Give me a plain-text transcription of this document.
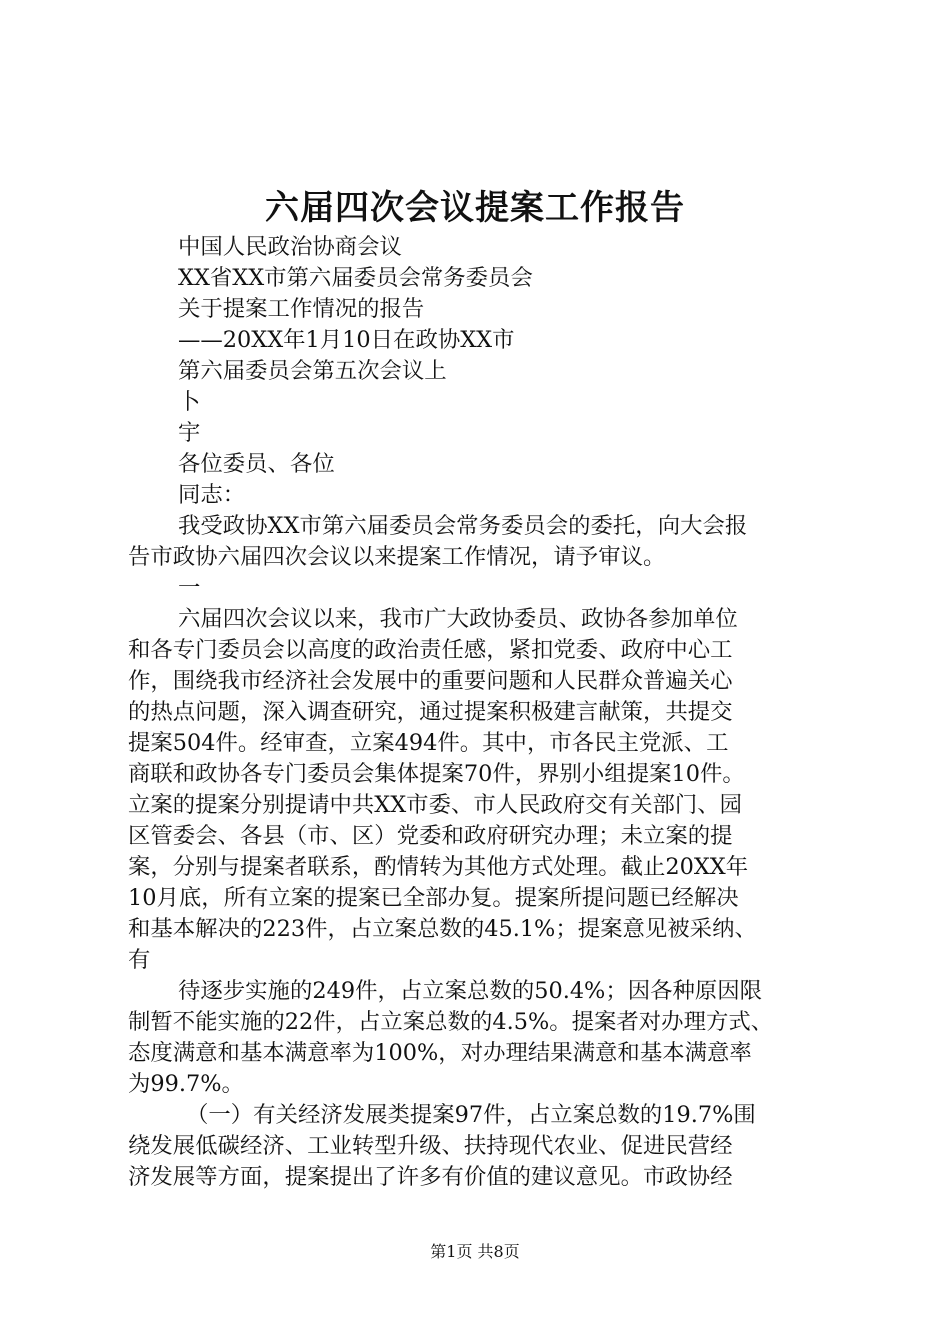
六届四次会议提案工作报告
中国人民政治协商会议
XX省XX市第六届委员会常务委员会
关于提案工作情况的报告
——20XX年1月10日在政协XX市
第六届委员会第五次会议上
卜
宇
各位委员、各位
同志：
我受政协XX市第六届委员会常务委员会的委托，向大会报
告市政协六届四次会议以来提案工作情况，请予审议。
一
六届四次会议以来，我市广大政协委员、政协各参加单位
和各专门委员会以高度的政治责任感，紧扣党委、政府中心工
作，围绕我市经济社会发展中的重要问题和人民群众普遍关心
的热点问题，深入调查研究，通过提案积极建言献策，共提交
提案504件。经审查，立案494件。其中，市各民主党派、工
商联和政协各专门委员会集体提案70件，界别小组提案10件。
立案的提案分别提请中共XX市委、市人民政府交有关部门、园
区管委会、各县（市、区）党委和政府研究办理；未立案的提
案，分别与提案者联系，酌情转为其他方式处理。截止20XX年
10月底，所有立案的提案已全部办复。提案所提问题已经解决
和基本解决的223件，占立案总数的45.1%；提案意见被采纳、
有
待逐步实施的249件，占立案总数的50.4%；因各种原因限
制暂不能实施的22件，占立案总数的4.5%。提案者对办理方式、
态度满意和基本满意率为100%，对办理结果满意和基本满意率
为99.7%。
（一）有关经济发展类提案97件，占立案总数的19.7%围
绕发展低碳经济、工业转型升级、扶持现代农业、促进民营经
济发展等方面，提案提出了许多有价值的建议意见。市政协经
第1页 共8页
